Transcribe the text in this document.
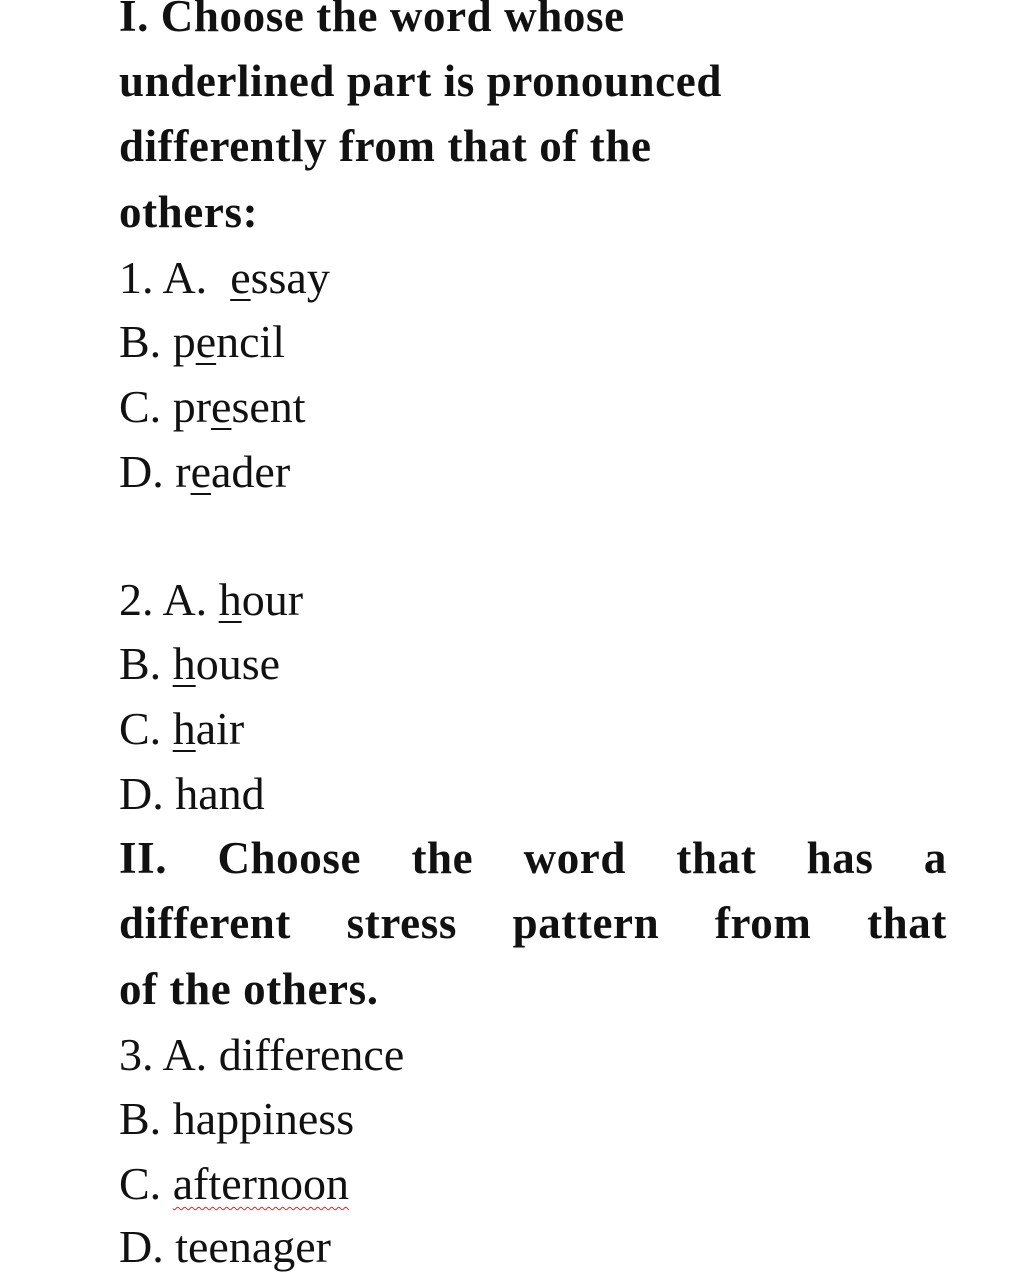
I. Choose the word whose
underlined part is pronounced
differently from that of the
others:
1. A.  essay
B. pencil
C. present
D. reader
2. A. hour
B. house
C. hair
D. hand
II. Choose the word that has a
different stress pattern from that
of the others.
3. A. difference
B. happiness
C. afternoon
D. teenager
